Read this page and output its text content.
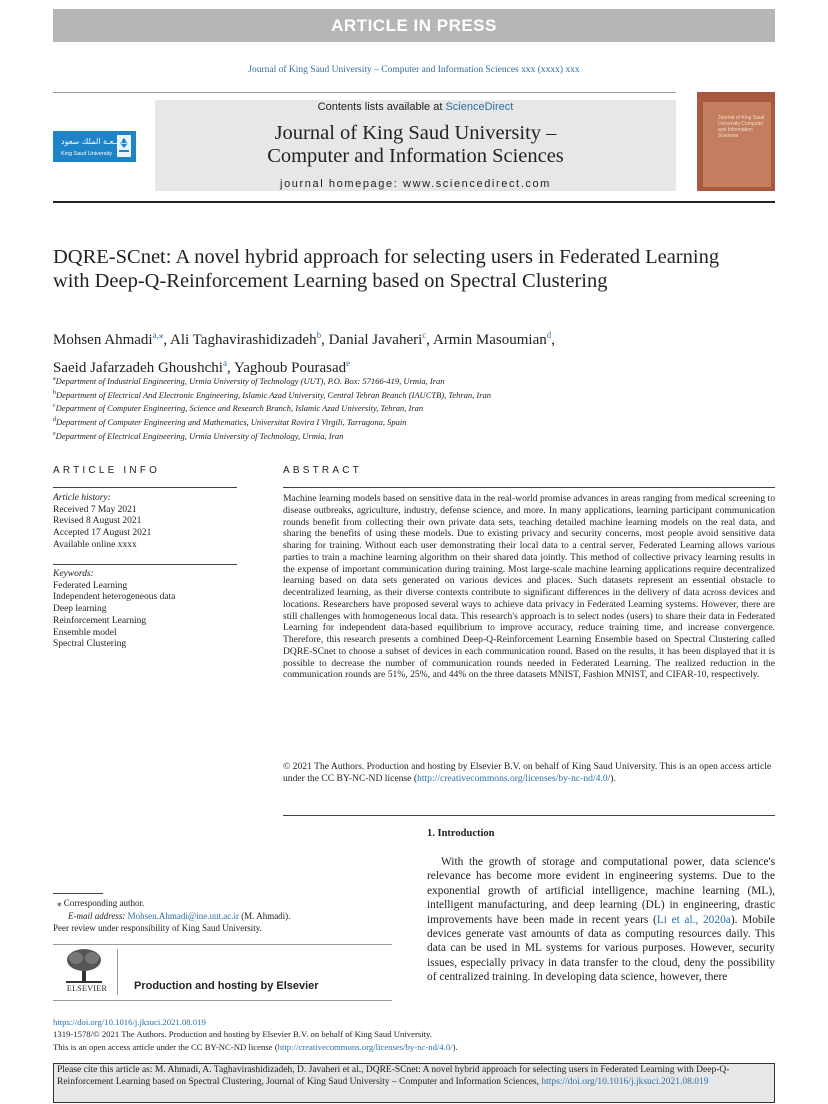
ARTICLE IN PRESS
Journal of King Saud University – Computer and Information Sciences xxx (xxxx) xxx
جـامـعـة الملك سعود
King Saud University
Contents lists available at ScienceDirect
Journal of King Saud University –
Computer and Information Sciences
journal homepage: www.sciencedirect.com
Journal of King Saud University Computer and Information Sciences
DQRE-SCnet: A novel hybrid approach for selecting users in Federated Learning with Deep-Q-Reinforcement Learning based on Spectral Clustering
Mohsen Ahmadi$^{a,⁎}$, Ali Taghavirashidizadeh$^b$, Danial Javaheri$^c$, Armin Masoumian$^d$,
Saeid Jafarzadeh Ghoushchi$^a$, Yaghoub Pourasad$^e$
$^a$Department of Industrial Engineering, Urmia University of Technology (UUT), P.O. Box: 57166-419, Urmia, Iran
$^b$Department of Electrical And Electronic Engineering, Islamic Azad University, Central Tehran Branch (IAUCTB), Tehran, Iran
$^c$Department of Computer Engineering, Science and Research Branch, Islamic Azad University, Tehran, Iran
$^d$Department of Computer Engineering and Mathematics, Universitat Rovira I Virgili, Tarragona, Spain
$^e$Department of Electrical Engineering, Urmia University of Technology, Urmia, Iran
ARTICLE INFO
Article history:
Received 7 May 2021
Revised 8 August 2021
Accepted 17 August 2021
Available online xxxx
Keywords:
Federated Learning
Independent heterogeneous data
Deep learning
Reinforcement Learning
Ensemble model
Spectral Clustering
ABSTRACT
Machine learning models based on sensitive data in the real-world promise advances in areas ranging from medical screening to disease outbreaks, agriculture, industry, defense science, and more. In many applications, learning participant communication rounds benefit from collecting their own private data sets, teaching detailed machine learning models on the real data, and sharing the benefits of using these models. Due to existing privacy and security concerns, most people avoid sensitive data sharing for training. Without each user demonstrating their local data to a central server, Federated Learning allows various parties to train a machine learning algorithm on their shared data jointly. This method of collective privacy learning results in the expense of important communication during training. Most large-scale machine learning applications require decentralized learning based on data sets generated on various devices and places. Such datasets represent an essential obstacle to decentralized learning, as their diverse contexts contribute to significant differences in the delivery of data across devices and locations. Researchers have proposed several ways to achieve data privacy in Federated Learning systems. However, there are still challenges with homogeneous local data. This research's approach is to select nodes (users) to share their data in Federated Learning for independent data-based equilibrium to improve accuracy, reduce training time, and increase convergence. Therefore, this research presents a combined Deep-Q-Reinforcement Learning Ensemble based on Spectral Clustering called DQRE-SCnet to choose a subset of devices in each communication round. Based on the results, it has been displayed that it is possible to decrease the number of communication rounds needed in Federated Learning. The realized reduction in the communication rounds are 51%, 25%, and 44% on the three datasets MNIST, Fashion MNIST, and CIFAR-10, respectively.
© 2021 The Authors. Production and hosting by Elsevier B.V. on behalf of King Saud University. This is an open access article under the CC BY-NC-ND license (http://creativecommons.org/licenses/by-nc-nd/4.0/).
1. Introduction
With the growth of storage and computational power, data science's relevance has become more evident in engineering systems. Due to the exponential growth of artificial intelligence, machine learning (ML), intelligent manufacturing, and deep learning (DL) in engineering, drastic improvements have been made in recent years (Li et al., 2020a). Mobile devices generate vast amounts of data as computing resources daily. This data can be used in ML systems for various purposes. However, security issues, especially privacy in data transfer to the cloud, deny the possibility of centralized training. In developing data science, however, there
⁎ Corresponding author.
E-mail address: Mohsen.Ahmadi@ine.uut.ac.ir (M. Ahmadi).
Peer review under responsibility of King Saud University.
ELSEVIER	Production and hosting by Elsevier
https://doi.org/10.1016/j.jksuci.2021.08.019
1319-1578/© 2021 The Authors. Production and hosting by Elsevier B.V. on behalf of King Saud University.
This is an open access article under the CC BY-NC-ND license (http://creativecommons.org/licenses/by-nc-nd/4.0/).
Please cite this article as: M. Ahmadi, A. Taghavirashidizadeh, D. Javaheri et al., DQRE-SCnet: A novel hybrid approach for selecting users in Federated Learning with Deep-Q-Reinforcement Learning based on Spectral Clustering, Journal of King Saud University – Computer and Information Sciences, https://doi.org/10.1016/j.jksuci.2021.08.019
